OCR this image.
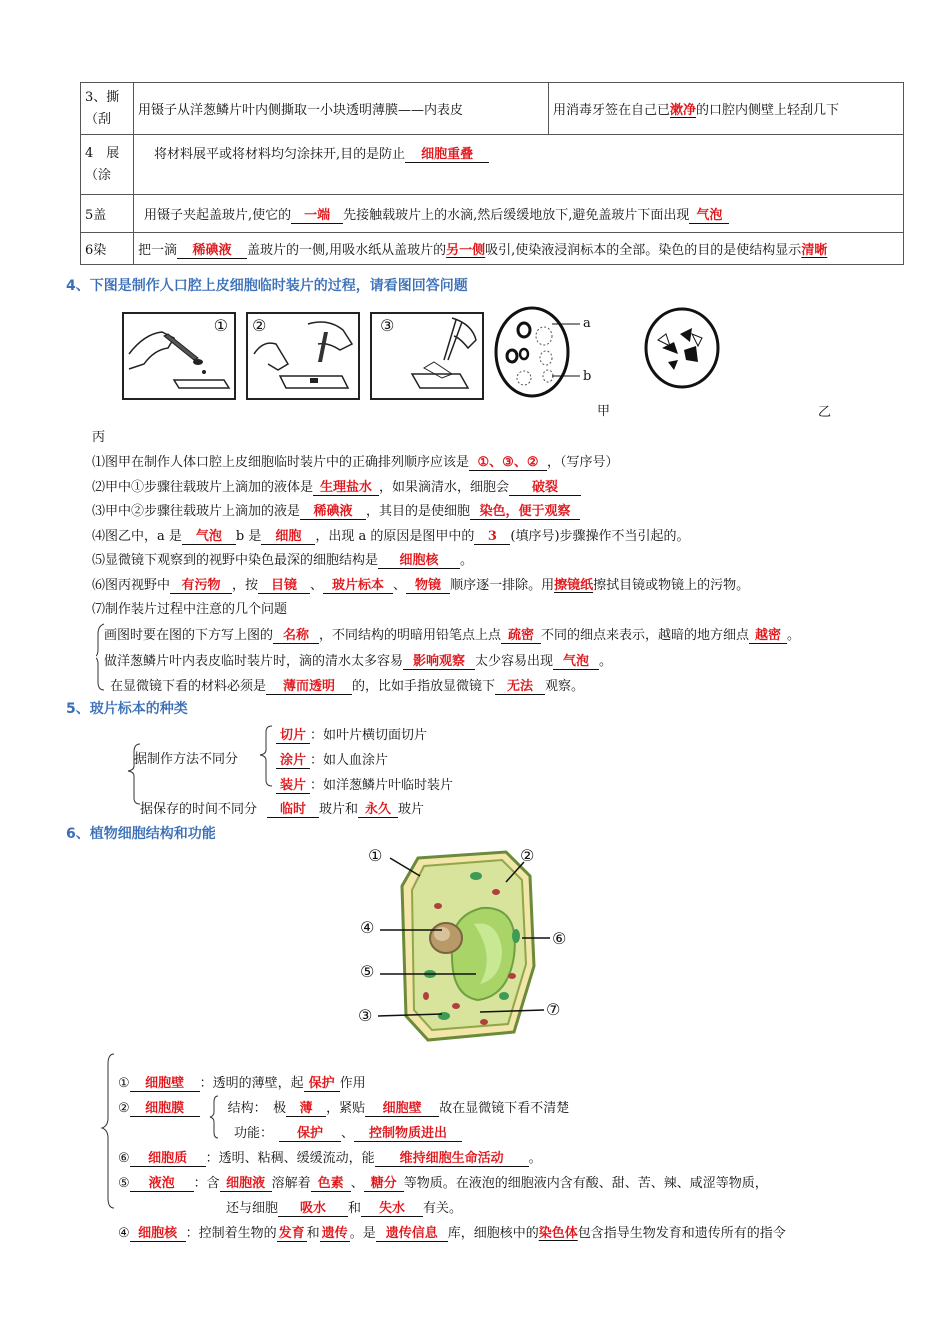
3、撕（刮	用镊子从洋葱鳞片叶内侧撕取一小块透明薄膜——内表皮	用消毒牙签在自己已漱净的口腔内侧壁上轻刮几下
4　展（涂	将材料展平或将材料均匀涂抹开,目的是防止 细胞重叠	
5盖	用镊子夹起盖玻片,使它的 一端 先接触载玻片上的水滴,然后缓缓地放下,避免盖玻片下面出现 气泡	
6染	把一滴 稀碘液 盖玻片的一侧,用吸水纸从盖玻片的另一侧吸引,使染液浸润标本的全部。染色的目的是使结构显示清晰	
4、下图是制作人口腔上皮细胞临时装片的过程，请看图回答问题
① ②	③	a
b
甲	乙
丙
⑴图甲在制作人体口腔上皮细胞临时装片中的正确排列顺序应该是 ①、③、② ，（写序号）
⑵甲中①步骤往载玻片上滴加的液体是 生理盐水 ，如果滴清水，细胞会 破裂
⑶甲中②步骤往载玻片上滴加的液是 稀碘液 ，其目的是使细胞 染色，便于观察
⑷图乙中，a 是 气泡 b 是 细胞 ，出现 a 的原因是图甲中的 3 (填序号)步骤操作不当引起的。
⑸显微镜下观察到的视野中染色最深的细胞结构是 细胞核 。
⑹图丙视野中 有污物 ，按 目镜 、 玻片标本 、 物镜 顺序逐一排除。用擦镜纸擦拭目镜或物镜上的污物。
⑺制作装片过程中注意的几个问题
画图时要在图的下方写上图的 名称 ，不同结构的明暗用铅笔点上点 疏密 不同的细点来表示，越暗的地方细点 越密 。
做洋葱鳞片叶内表皮临时装片时，滴的清水太多容易 影响观察 太少容易出现 气泡 。
在显微镜下看的材料必须是 薄而透明 的，比如手指放显微镜下 无法 观察。
5、玻片标本的种类
据制作方法不同分
切片 ：如叶片横切面切片
涂片 ：如人血涂片
装片 ：如洋葱鳞片叶临时装片
据保存的时间不同分 临时 玻片和 永久 玻片
6、植物细胞结构和功能
①	②
③
④
⑤
⑥
⑦
① 细胞壁 ：透明的薄壁，起 保护 作用
② 细胞膜	结构：　极 薄 ，紧贴 细胞壁 故在显微镜下看不清楚
功能： 保护 、 控制物质进出
⑥ 细胞质 ：透明、粘稠、缓缓流动，能 维持细胞生命活动 。
⑤ 液泡 ：含 细胞液 溶解着 色素 、 糖分 等物质。在液泡的细胞液内含有酸、甜、苦、辣、咸涩等物质，
还与细胞 吸水 和 失水 有关。
④ 细胞核 ：控制着生物的 发育 和 遗传 。是 遗传信息 库，细胞核中的染色体包含指导生物发育和遗传所有的指令
